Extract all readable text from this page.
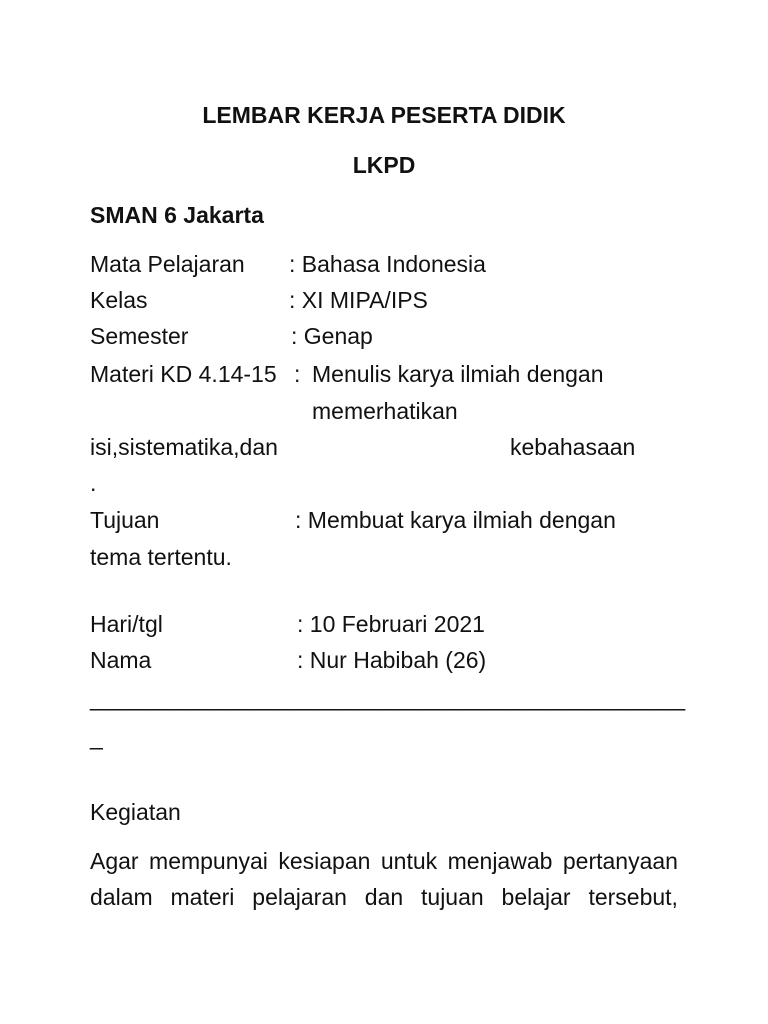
LEMBAR KERJA PESERTA DIDIK
LKPD
SMAN 6 Jakarta
Mata Pelajaran : Bahasa Indonesia
Kelas	: XI MIPA/IPS
Semester	: Genap
Materi KD 4.14-15 : Menulis karya ilmiah dengan
memerhatikan
isi,sistematika,dan	kebahasaan
.
Tujuan	: Membuat karya ilmiah dengan
tema tertentu.
Hari/tgl	: 10 Februari 2021
Nama	: Nur Habibah (26)
______________________________________________
_
Kegiatan
Agar mempunyai kesiapan untuk menjawab pertanyaan
dalam materi pelajaran dan tujuan belajar tersebut,
